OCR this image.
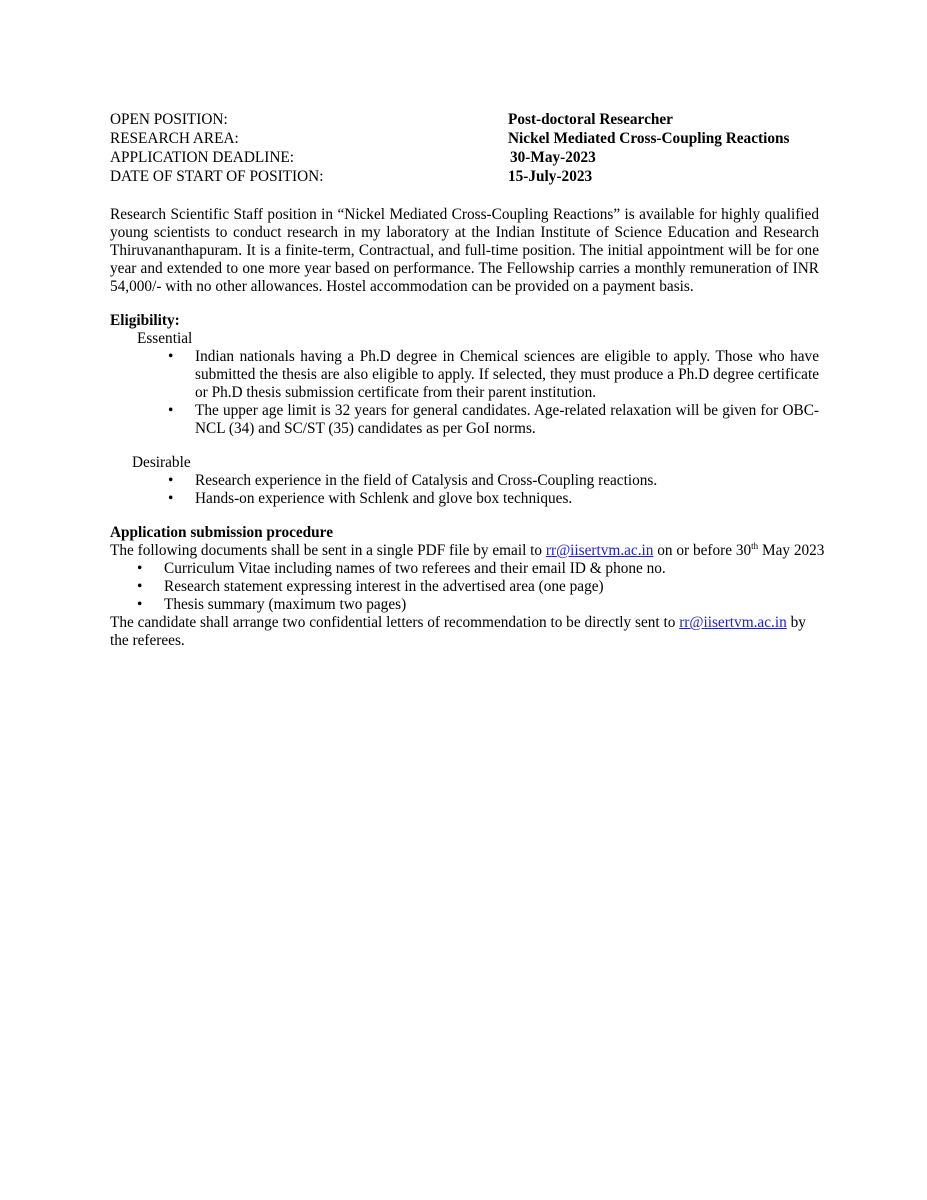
OPEN POSITION:	Post-doctoral Researcher
RESEARCH AREA:	Nickel Mediated Cross-Coupling Reactions
APPLICATION DEADLINE:	30-May-2023
DATE OF START OF POSITION:	15-July-2023

Research Scientific Staff position in “Nickel Mediated Cross-Coupling Reactions” is available for highly qualified young scientists to conduct research in my laboratory at the Indian Institute of Science Education and Research Thiruvananthapuram. It is a finite-term, Contractual, and full-time position. The initial appointment will be for one year and extended to one more year based on performance. The Fellowship carries a monthly remuneration of INR 54,000/- with no other allowances. Hostel accommodation can be provided on a payment basis.

Eligibility:
Essential
• Indian nationals having a Ph.D degree in Chemical sciences are eligible to apply. Those who have submitted the thesis are also eligible to apply. If selected, they must produce a Ph.D degree certificate or Ph.D thesis submission certificate from their parent institution.
• The upper age limit is 32 years for general candidates. Age-related relaxation will be given for OBC-NCL (34) and SC/ST (35) candidates as per GoI norms.
Desirable
• Research experience in the field of Catalysis and Cross-Coupling reactions.
• Hands-on experience with Schlenk and glove box techniques.
Application submission procedure
The following documents shall be sent in a single PDF file by email to rr@iisertvm.ac.in on or before 30th May 2023
• Curriculum Vitae including names of two referees and their email ID & phone no.
• Research statement expressing interest in the advertised area (one page)
• Thesis summary (maximum two pages)
The candidate shall arrange two confidential letters of recommendation to be directly sent to rr@iisertvm.ac.in by the referees.
